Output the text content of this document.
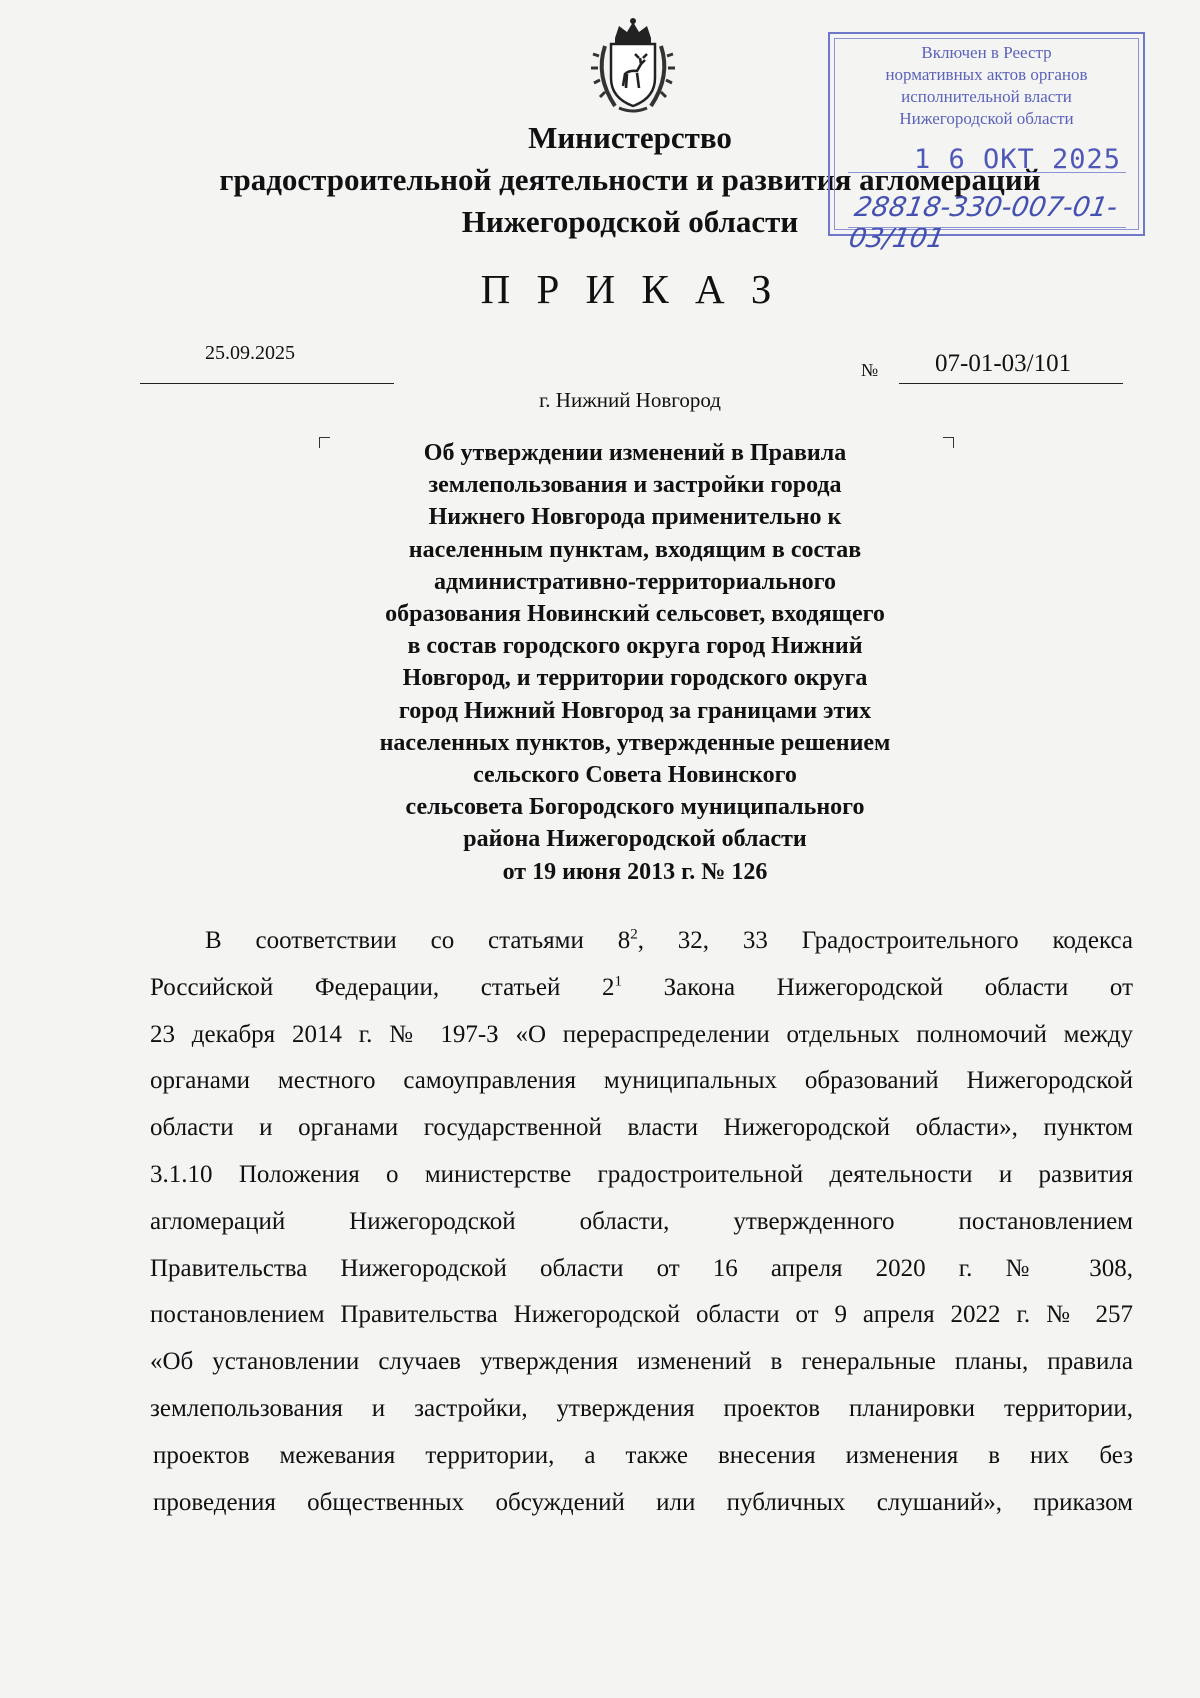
Министерство
градостроительной деятельности и развития агломераций
Нижегородской области
П Р И К А З
25.09.2025
№ 07-01-03/101
г. Нижний Новгород
Об утверждении изменений в Правила
землепользования и застройки города
Нижнего Новгорода применительно к
населенным пунктам, входящим в состав
административно-территориального
образования Новинский сельсовет, входящего
в состав городского округа город Нижний
Новгород, и территории городского округа
город Нижний Новгород за границами этих
населенных пунктов, утвержденные решением
сельского Совета Новинского
сельсовета Богородского муниципального
района Нижегородской области
от 19 июня 2013 г. № 126
В соответствии со статьями $8^2$, 32, 33 Градостроительного кодекса
Российской Федерации, статьей $2^1$ Закона Нижегородской области от
23 декабря 2014 г. № 197-З «О перераспределении отдельных полномочий между
органами местного самоуправления муниципальных образований Нижегородской
области и органами государственной власти Нижегородской области», пунктом
3.1.10 Положения о министерстве градостроительной деятельности и развития
агломераций Нижегородской области, утвержденного постановлением
Правительства Нижегородской области от 16 апреля 2020 г. № 308,
постановлением Правительства Нижегородской области от 9 апреля 2022 г. № 257
«Об установлении случаев утверждения изменений в генеральные планы, правила
землепользования и застройки, утверждения проектов планировки территории,
проектов межевания территории, а также внесения изменения в них без
проведения общественных обсуждений или публичных слушаний», приказом
Включен в Реестр
нормативных актов органов
исполнительной власти
Нижегородской области
1 6 ОКТ 2025
28818-330-007-01-03/101
